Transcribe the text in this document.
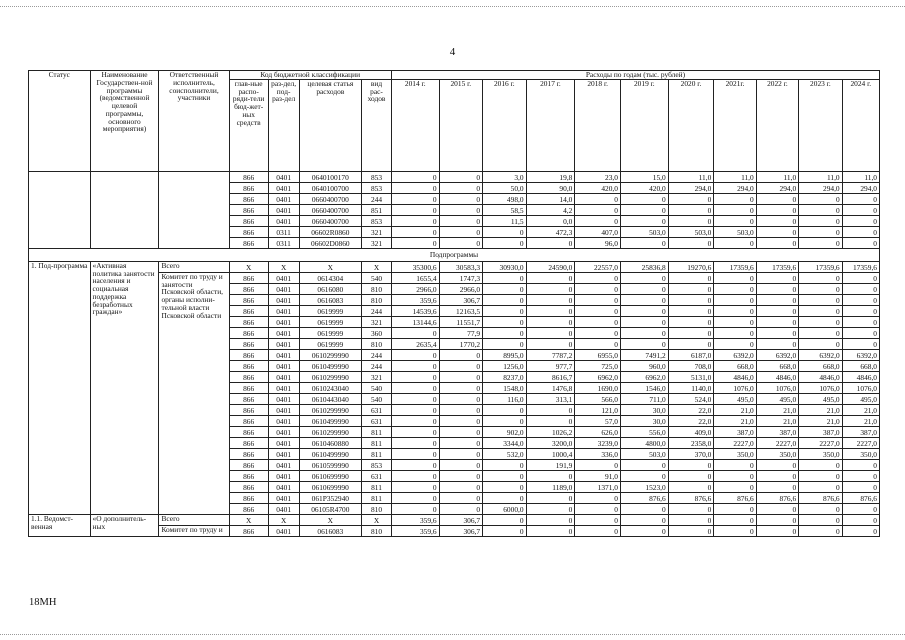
4
Статус	Наименование Государствен-ной программы (ведомственной целевой программы, основного мероприятия)	Ответственный исполнитель, соисполнители, участники	Код бюджетной классификации				Расходы по годам (тыс. рублей)										
			глав-ные распо-ряди-тели бюд-жет-ных средств	раз-дел, под-раз-дел	целевая статья расходов	вид рас-ходов	2014 г.	2015 г.	2016 г.	2017 г.	2018 г.	2019 г.	2020 г.	2021г.	2022 г.	2023 г.	2024 г.
			866	0401	0640100170	853	0	0	3,0	19,8	23,0	15,0	11,0	11,0	11,0	11,0	11,0
			866	0401	0640100700	853	0	0	50,0	90,0	420,0	420,0	294,0	294,0	294,0	294,0	294,0
			866	0401	0660400700	244	0	0	498,0	14,0	0	0	0	0	0	0	0
			866	0401	0660400700	851	0	0	58,5	4,2	0	0	0	0	0	0	0
			866	0401	0660400700	853	0	0	11,5	0,0	0	0	0	0	0	0	0
			866	0311	06602R0860	321	0	0	0	472,3	407,0	503,0	503,0	503,0	0	0	0
			866	0311	06602D0860	321	0	0	0	0	96,0	0	0	0	0	0	0
Подпрограммы																	
1. Под-программа	«Активная политика занятости населения и социальная поддержка безработных граждан»	Всего	X	X	X	X	35300,6	30583,3	30930,0	24590,0	22557,0	25836,8	19270,6	17359,6	17359,6	17359,6	17359,6
		Комитет по труду и занятости Псковской области, органы исполни-тельной власти Псковской области	866	0401	0614304	540	1655,4	1747,3	0	0	0	0	0	0	0	0	0
			866	0401	0616080	810	2966,0	2966,0	0	0	0	0	0	0	0	0	0
			866	0401	0616083	810	359,6	306,7	0	0	0	0	0	0	0	0	0
			866	0401	0619999	244	14539,6	12163,5	0	0	0	0	0	0	0	0	0
			866	0401	0619999	321	13144,6	11551,7	0	0	0	0	0	0	0	0	0
			866	0401	0619999	360	0	77,9	0	0	0	0	0	0	0	0	0
			866	0401	0619999	810	2635,4	1770,2	0	0	0	0	0	0	0	0	0
			866	0401	0610299990	244	0	0	8995,0	7787,2	6955,0	7491,2	6187,0	6392,0	6392,0	6392,0	6392,0
			866	0401	0610499990	244	0	0	1256,0	977,7	725,0	960,0	708,0	668,0	668,0	668,0	668,0
			866	0401	0610299990	321	0	0	8237,0	8616,7	6962,0	6962,0	5131,0	4846,0	4846,0	4846,0	4846,0
			866	0401	0610243040	540	0	0	1548,0	1476,8	1690,0	1546,0	1140,0	1076,0	1076,0	1076,0	1076,0
			866	0401	0610443040	540	0	0	116,0	313,1	566,0	711,0	524,0	495,0	495,0	495,0	495,0
			866	0401	0610299990	631	0	0	0	0	121,0	30,0	22,0	21,0	21,0	21,0	21,0
			866	0401	0610499990	631	0	0	0	0	57,0	30,0	22,0	21,0	21,0	21,0	21,0
			866	0401	0610299990	811	0	0	902,0	1026,2	626,0	556,0	409,0	387,0	387,0	387,0	387,0
			866	0401	0610460880	811	0	0	3344,0	3200,0	3239,0	4800,0	2358,0	2227,0	2227,0	2227,0	2227,0
			866	0401	0610499990	811	0	0	532,0	1000,4	336,0	503,0	370,0	350,0	350,0	350,0	350,0
			866	0401	0610599990	853	0	0	0	191,9	0	0	0	0	0	0	0
			866	0401	0610699990	631	0	0	0	0	91,0	0	0	0	0	0	0
			866	0401	0610699990	811	0	0	0	1189,0	1371,0	1523,0	0	0	0	0	0
			866	0401	061P352940	811	0	0	0	0	0	876,6	876,6	876,6	876,6	876,6	876,6
			866	0401	06105R4700	810	0	0	6000,0	0	0	0	0	0	0	0	0
1.1. Ведомст-венная	«О дополнитель-ных	Всего	X	X	X	X	359,6	306,7	0	0	0	0	0	0	0	0	0
		Комитет по труду и	866	0401	0616083	810	359,6	306,7	0	0	0	0	0	0	0	0	0
18МН
